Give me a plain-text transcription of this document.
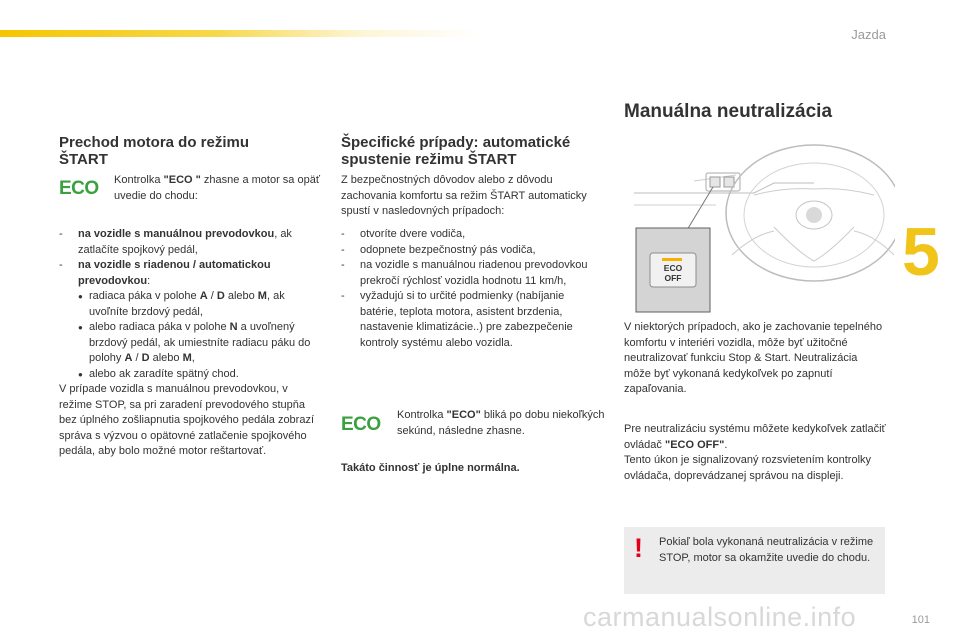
Jazda
5
Prechod motora do režimu
ŠTART
ECO Kontrolka "ECO " zhasne a motor sa opäť uvedie do chodu:
- na vozidle s manuálnou prevodovkou, ak zatlačíte spojkový pedál,
- na vozidle s riadenou / automatickou prevodovkou:
● radiaca páka v polohe A / D alebo M, ak uvoľníte brzdový pedál,
● alebo radiaca páka v polohe N a uvoľnený brzdový pedál, ak umiestníte radiacu páku do polohy A / D alebo M,
● alebo ak zaradíte spätný chod.
V prípade vozidla s manuálnou prevodovkou, v režime STOP, sa pri zaradení prevodového stupňa bez úplného zošliapnutia spojkového pedála zobrazí správa s výzvou o opätovné zatlačenie spojkového pedála, aby bolo možné motor reštartovať.
Špecifické prípady: automatické
spustenie režimu ŠTART
Z bezpečnostných dôvodov alebo z dôvodu zachovania komfortu sa režim ŠTART automaticky spustí v nasledovných prípadoch:
- otvoríte dvere vodiča,
- odopnete bezpečnostný pás vodiča,
- na vozidle s manuálnou riadenou prevodovkou prekročí rýchlosť vozidla hodnotu 11 km/h,
- vyžadujú si to určité podmienky (nabíjanie batérie, teplota motora, asistent brzdenia, nastavenie klimatizácie..) pre zabezpečenie kontroly systému alebo vozidla.
ECO Kontrolka "ECO" bliká po dobu niekoľkých sekúnd, následne zhasne.
Takáto činnosť je úplne normálna.
Manuálna neutralizácia
ECO
OFF
V niektorých prípadoch, ako je zachovanie tepelného komfortu v interiéri vozidla, môže byť užitočné neutralizovať funkciu Stop & Start. Neutralizácia môže byť vykonaná kedykoľvek po zapnutí zapaľovania.
Pre neutralizáciu systému môžete kedykoľvek zatlačiť ovládač "ECO OFF".
Tento úkon je signalizovaný rozsvietením kontrolky ovládača, doprevádzanej správou na displeji.
! Pokiaľ bola vykonaná neutralizácia v režime STOP, motor sa okamžite uvedie do chodu.
carmanualsonline.info	101
